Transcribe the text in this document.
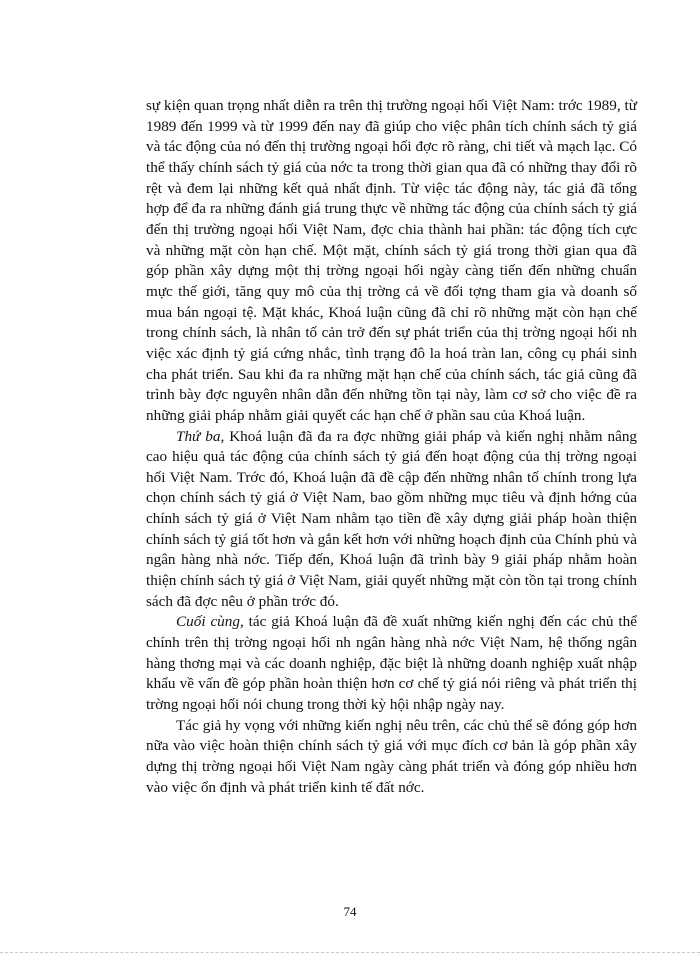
sự kiện quan trọng nhất diễn ra trên thị trường ngoại hối Việt Nam: trớc 1989, từ 1989 đến 1999 và từ 1999 đến nay đã giúp cho việc phân tích chính sách tỷ giá và tác động của nó đến thị trường ngoại hối đợc rõ ràng, chi tiết và mạch lạc. Có thể thấy chính sách tỷ giá của nớc ta trong thời gian qua đã có những thay đổi rõ rệt và đem lại những kết quả nhất định. Từ việc tác động này, tác giả đã tổng hợp để đa ra những đánh giá trung thực về những tác động của chính sách tỷ giá đến thị trường ngoại hối Việt Nam, đợc chia thành hai phần: tác động tích cực và những mặt còn hạn chế. Một mặt, chính sách tỷ giá trong thời gian qua đã góp phần xây dựng một thị trờng ngoại hối ngày càng tiến đến những chuẩn mực thế giới, tăng quy mô của thị trờng cả về đối tợng tham gia và doanh số mua bán ngoại tệ. Mặt khác, Khoá luận cũng đã chỉ rõ những mặt còn hạn chế trong chính sách, là nhân tố cản trở đến sự phát triển của thị trờng ngoại hối nh việc xác định tỷ giá cứng nhắc, tình trạng đô la hoá tràn lan, công cụ phái sinh cha phát triển. Sau khi đa ra những mặt hạn chế của chính sách, tác giả cũng đã trình bày đợc nguyên nhân dẫn đến những tồn tại này, làm cơ sở cho việc đề ra những giải pháp nhằm giải quyết các hạn chế ở phần sau của Khoá luận.

Thứ ba, Khoá luận đã đa ra đợc những giải pháp và kiến nghị nhằm nâng cao hiệu quả tác động của chính sách tỷ giá đến hoạt động của thị trờng ngoại hối Việt Nam. Trớc đó, Khoá luận đã đề cập đến những nhân tố chính trong lựa chọn chính sách tỷ giá ở Việt Nam, bao gồm những mục tiêu và định hớng của chính sách tỷ giá ở Việt Nam nhằm tạo tiền đề xây dựng giải pháp hoàn thiện chính sách tỷ giá tốt hơn và gắn kết hơn với những hoạch định của Chính phủ và ngân hàng nhà nớc. Tiếp đến, Khoá luận đã trình bày 9 giải pháp nhằm hoàn thiện chính sách tỷ giá ở Việt Nam, giải quyết những mặt còn tồn tại trong chính sách đã đợc nêu ở phần trớc đó.

Cuối cùng, tác giả Khoá luận đã đề xuất những kiến nghị đến các chủ thể chính trên thị trờng ngoại hối nh ngân hàng nhà nớc Việt Nam, hệ thống ngân hàng thơng mại và các doanh nghiệp, đặc biệt là những doanh nghiệp xuất nhập khẩu về vấn đề góp phần hoàn thiện hơn cơ chế tỷ giá nói riêng và phát triển thị trờng ngoại hối nói chung trong thời kỳ hội nhập ngày nay.

Tác giả hy vọng với những kiến nghị nêu trên, các chủ thể sẽ đóng góp hơn nữa vào việc hoàn thiện chính sách tỷ giá với mục đích cơ bản là góp phần xây dựng thị trờng ngoại hối Việt Nam ngày càng phát triển và đóng góp nhiều hơn vào việc ổn định và phát triển kinh tế đất nớc.

74
